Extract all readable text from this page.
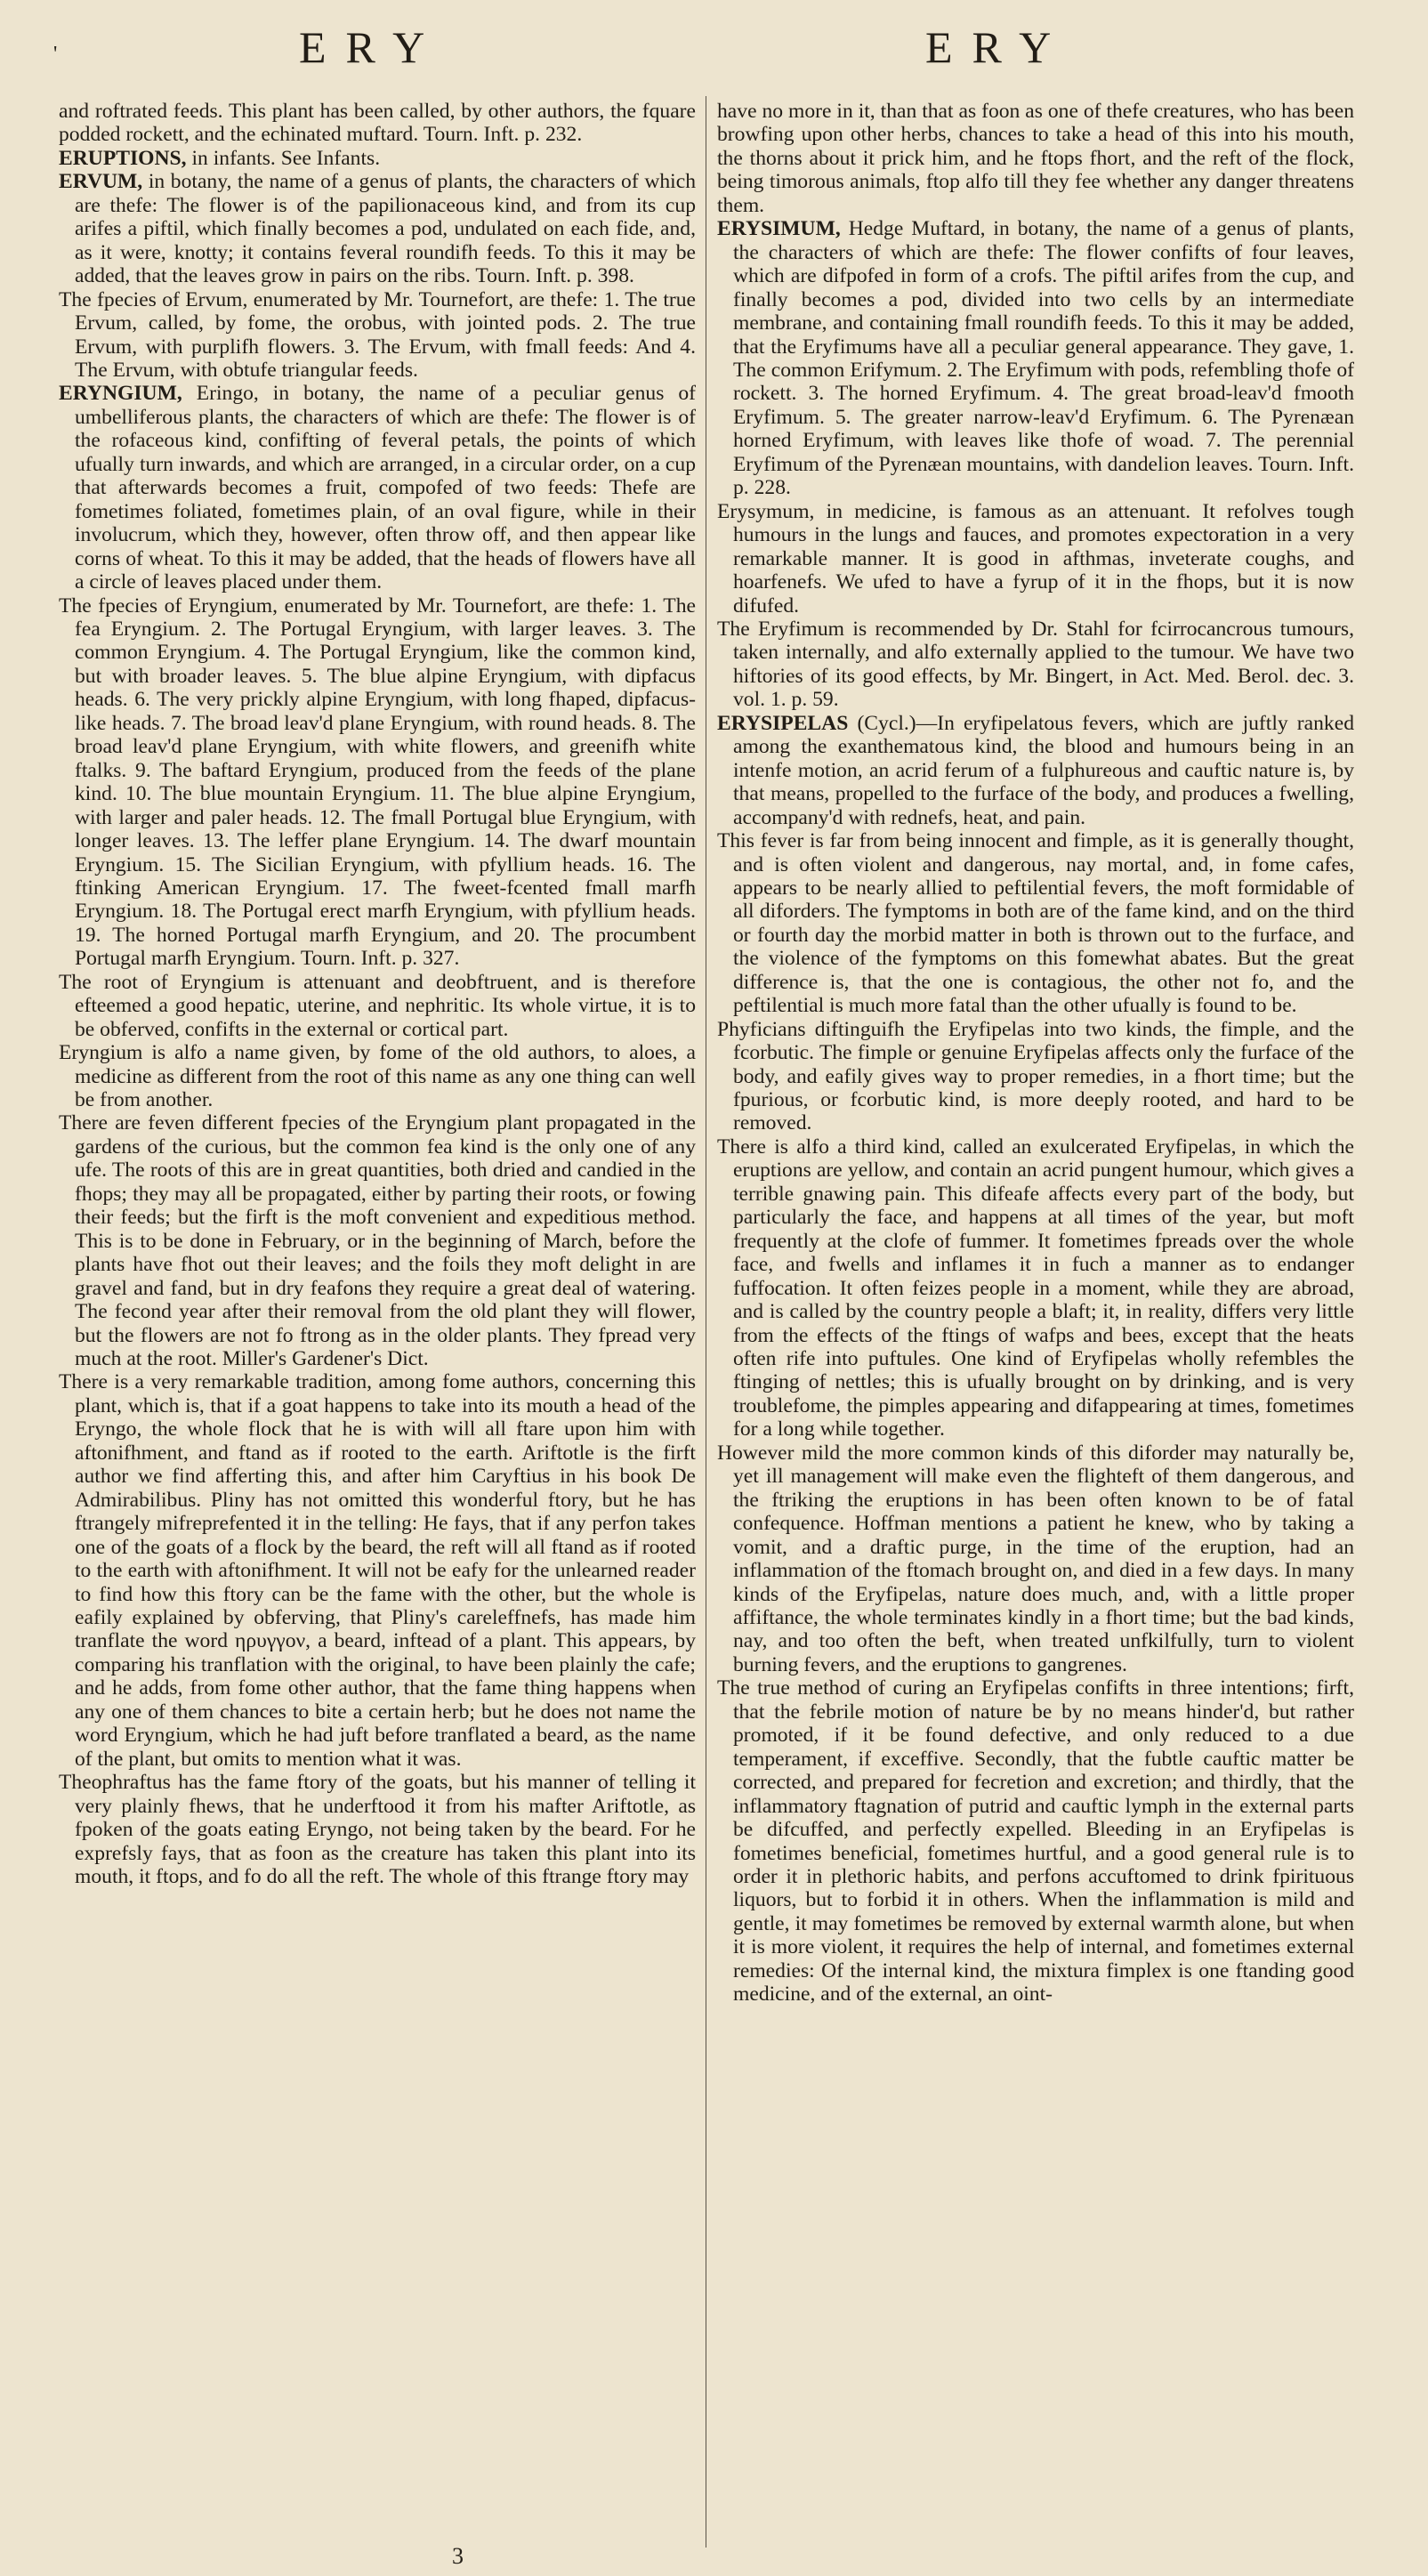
'	ERY	ERY

and roftrated feeds. This plant has been called, by other authors, the fquare podded rockett, and the echinated muftard. Tourn. Inft. p. 232.

ERUPTIONS, in infants. See Infants.

ERVUM, in botany, the name of a genus of plants, the characters of which are thefe: The flower is of the papilionaceous kind, and from its cup arifes a piftil, which finally becomes a pod, undulated on each fide, and, as it were, knotty; it contains feveral roundifh feeds. To this it may be added, that the leaves grow in pairs on the ribs. Tourn. Inft. p. 398.

The fpecies of Ervum, enumerated by Mr. Tournefort, are thefe: 1. The true Ervum, called, by fome, the orobus, with jointed pods. 2. The true Ervum, with purplifh flowers. 3. The Ervum, with fmall feeds: And 4. The Ervum, with obtufe triangular feeds.

ERYNGIUM, Eringo, in botany, the name of a peculiar genus of umbelliferous plants, the characters of which are thefe: The flower is of the rofaceous kind, confifting of feveral petals, the points of which ufually turn inwards, and which are arranged, in a circular order, on a cup that afterwards becomes a fruit, compofed of two feeds: Thefe are fometimes foliated, fometimes plain, of an oval figure, while in their involucrum, which they, however, often throw off, and then appear like corns of wheat. To this it may be added, that the heads of flowers have all a circle of leaves placed under them.

The fpecies of Eryngium, enumerated by Mr. Tournefort, are thefe: 1. The fea Eryngium. 2. The Portugal Eryngium, with larger leaves. 3. The common Eryngium. 4. The Portugal Eryngium, like the common kind, but with broader leaves. 5. The blue alpine Eryngium, with dipfacus heads. 6. The very prickly alpine Eryngium, with long fhaped, dipfacus-like heads. 7. The broad leav'd plane Eryngium, with round heads. 8. The broad leav'd plane Eryngium, with white flowers, and greenifh white ftalks. 9. The baftard Eryngium, produced from the feeds of the plane kind. 10. The blue mountain Eryngium. 11. The blue alpine Eryngium, with larger and paler heads. 12. The fmall Portugal blue Eryngium, with longer leaves. 13. The leffer plane Eryngium. 14. The dwarf mountain Eryngium. 15. The Sicilian Eryngium, with pfyllium heads. 16. The ftinking American Eryngium. 17. The fweet-fcented fmall marfh Eryngium. 18. The Portugal erect marfh Eryngium, with pfyllium heads. 19. The horned Portugal marfh Eryngium, and 20. The procumbent Portugal marfh Eryngium. Tourn. Inft. p. 327.

The root of Eryngium is attenuant and deobftruent, and is therefore efteemed a good hepatic, uterine, and nephritic. Its whole virtue, it is to be obferved, confifts in the external or cortical part.

Eryngium is alfo a name given, by fome of the old authors, to aloes, a medicine as different from the root of this name as any one thing can well be from another.

There are feven different fpecies of the Eryngium plant propagated in the gardens of the curious, but the common fea kind is the only one of any ufe. The roots of this are in great quantities, both dried and candied in the fhops; they may all be propagated, either by parting their roots, or fowing their feeds; but the firft is the moft convenient and expeditious method. This is to be done in February, or in the beginning of March, before the plants have fhot out their leaves; and the foils they moft delight in are gravel and fand, but in dry feafons they require a great deal of watering. The fecond year after their removal from the old plant they will flower, but the flowers are not fo ftrong as in the older plants. They fpread very much at the root. Miller's Gardener's Dict.

There is a very remarkable tradition, among fome authors, concerning this plant, which is, that if a goat happens to take into its mouth a head of the Eryngo, the whole flock that he is with will all ftare upon him with aftonifhment, and ftand as if rooted to the earth. Ariftotle is the firft author we find afferting this, and after him Caryftius in his book De Admirabilibus. Pliny has not omitted this wonderful ftory, but he has ftrangely mifreprefented it in the telling: He fays, that if any perfon takes one of the goats of a flock by the beard, the reft will all ftand as if rooted to the earth with aftonifhment. It will not be eafy for the unlearned reader to find how this ftory can be the fame with the other, but the whole is eafily explained by obferving, that Pliny's careleffnefs, has made him tranflate the word ηρυγγον, a beard, inftead of a plant. This appears, by comparing his tranflation with the original, to have been plainly the cafe; and he adds, from fome other author, that the fame thing happens when any one of them chances to bite a certain herb; but he does not name the word Eryngium, which he had juft before tranflated a beard, as the name of the plant, but omits to mention what it was.

Theophraftus has the fame ftory of the goats, but his manner of telling it very plainly fhews, that he underftood it from his mafter Ariftotle, as fpoken of the goats eating Eryngo, not being taken by the beard. For he exprefsly fays, that as foon as the creature has taken this plant into its mouth, it ftops, and fo do all the reft. The whole of this ftrange ftory may

have no more in it, than that as foon as one of thefe creatures, who has been browfing upon other herbs, chances to take a head of this into his mouth, the thorns about it prick him, and he ftops fhort, and the reft of the flock, being timorous animals, ftop alfo till they fee whether any danger threatens them.

ERYSIMUM, Hedge Muftard, in botany, the name of a genus of plants, the characters of which are thefe: The flower confifts of four leaves, which are difpofed in form of a crofs. The piftil arifes from the cup, and finally becomes a pod, divided into two cells by an intermediate membrane, and containing fmall roundifh feeds. To this it may be added, that the Eryfimums have all a peculiar general appearance. They gave, 1. The common Erifymum. 2. The Eryfimum with pods, refembling thofe of rockett. 3. The horned Eryfimum. 4. The great broad-leav'd fmooth Eryfimum. 5. The greater narrow-leav'd Eryfimum. 6. The Pyrenæan horned Eryfimum, with leaves like thofe of woad. 7. The perennial Eryfimum of the Pyrenæan mountains, with dandelion leaves. Tourn. Inft. p. 228.

Erysymum, in medicine, is famous as an attenuant. It refolves tough humours in the lungs and fauces, and promotes expectoration in a very remarkable manner. It is good in afthmas, inveterate coughs, and hoarfenefs. We ufed to have a fyrup of it in the fhops, but it is now difufed.

The Eryfimum is recommended by Dr. Stahl for fcirrocancrous tumours, taken internally, and alfo externally applied to the tumour. We have two hiftories of its good effects, by Mr. Bingert, in Act. Med. Berol. dec. 3. vol. 1. p. 59.

ERYSIPELAS (Cycl.)—In eryfipelatous fevers, which are juftly ranked among the exanthematous kind, the blood and humours being in an intenfe motion, an acrid ferum of a fulphureous and cauftic nature is, by that means, propelled to the furface of the body, and produces a fwelling, accompany'd with rednefs, heat, and pain.

This fever is far from being innocent and fimple, as it is generally thought, and is often violent and dangerous, nay mortal, and, in fome cafes, appears to be nearly allied to peftilential fevers, the moft formidable of all diforders. The fymptoms in both are of the fame kind, and on the third or fourth day the morbid matter in both is thrown out to the furface, and the violence of the fymptoms on this fomewhat abates. But the great difference is, that the one is contagious, the other not fo, and the peftilential is much more fatal than the other ufually is found to be.

Phyficians diftinguifh the Eryfipelas into two kinds, the fimple, and the fcorbutic. The fimple or genuine Eryfipelas affects only the furface of the body, and eafily gives way to proper remedies, in a fhort time; but the fpurious, or fcorbutic kind, is more deeply rooted, and hard to be removed.

There is alfo a third kind, called an exulcerated Eryfipelas, in which the eruptions are yellow, and contain an acrid pungent humour, which gives a terrible gnawing pain. This difeafe affects every part of the body, but particularly the face, and happens at all times of the year, but moft frequently at the clofe of fummer. It fometimes fpreads over the whole face, and fwells and inflames it in fuch a manner as to endanger fuffocation. It often feizes people in a moment, while they are abroad, and is called by the country people a blaft; it, in reality, differs very little from the effects of the ftings of wafps and bees, except that the heats often rife into puftules. One kind of Eryfipelas wholly refembles the ftinging of nettles; this is ufually brought on by drinking, and is very troublefome, the pimples appearing and difappearing at times, fometimes for a long while together.

However mild the more common kinds of this diforder may naturally be, yet ill management will make even the flighteft of them dangerous, and the ftriking the eruptions in has been often known to be of fatal confequence. Hoffman mentions a patient he knew, who by taking a vomit, and a draftic purge, in the time of the eruption, had an inflammation of the ftomach brought on, and died in a few days. In many kinds of the Eryfipelas, nature does much, and, with a little proper affiftance, the whole terminates kindly in a fhort time; but the bad kinds, nay, and too often the beft, when treated unfkilfully, turn to violent burning fevers, and the eruptions to gangrenes.

The true method of curing an Eryfipelas confifts in three intentions; firft, that the febrile motion of nature be by no means hinder'd, but rather promoted, if it be found defective, and only reduced to a due temperament, if exceffive. Secondly, that the fubtle cauftic matter be corrected, and prepared for fecretion and excretion; and thirdly, that the inflammatory ftagnation of putrid and cauftic lymph in the external parts be difcuffed, and perfectly expelled. Bleeding in an Eryfipelas is fometimes beneficial, fometimes hurtful, and a good general rule is to order it in plethoric habits, and perfons accuftomed to drink fpirituous liquors, but to forbid it in others. When the inflammation is mild and gentle, it may fometimes be removed by external warmth alone, but when it is more violent, it requires the help of internal, and fometimes external remedies: Of the internal kind, the mixtura fimplex is one ftanding good medicine, and of the external, an oint-

3
